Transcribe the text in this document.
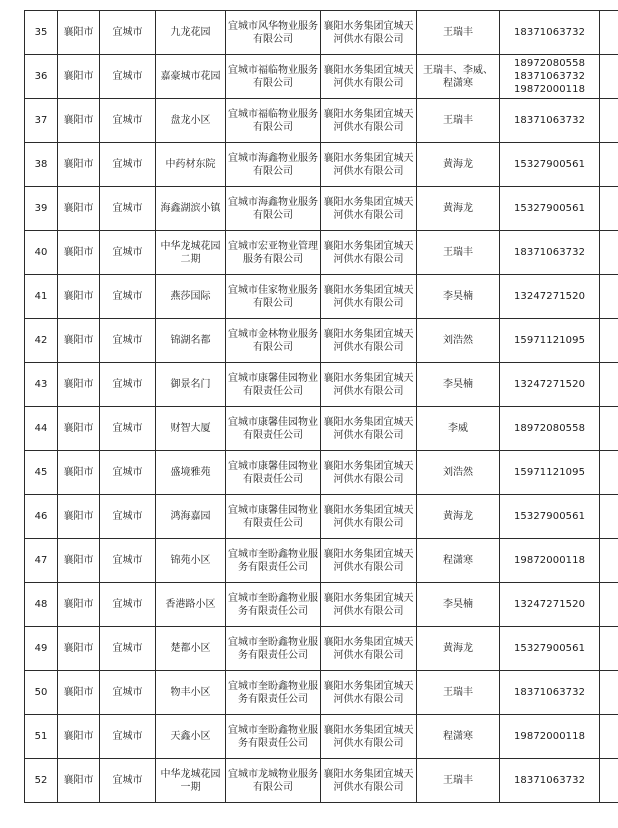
35	襄阳市	宜城市	九龙花园	宜城市风华物业服务有限公司	襄阳水务集团宜城天河供水有限公司	王瑞丰	18371063732	

36	襄阳市	宜城市	嘉豪城市花园	宜城市福临物业服务有限公司	襄阳水务集团宜城天河供水有限公司	王瑞丰、李威、程潇寒	18972080558
18371063732
19872000118	

37	襄阳市	宜城市	盘龙小区	宜城市福临物业服务有限公司	襄阳水务集团宜城天河供水有限公司	王瑞丰	18371063732	

38	襄阳市	宜城市	中药材东院	宜城市海鑫物业服务有限公司	襄阳水务集团宜城天河供水有限公司	黄海龙	15327900561	

39	襄阳市	宜城市	海鑫湖滨小镇	宜城市海鑫物业服务有限公司	襄阳水务集团宜城天河供水有限公司	黄海龙	15327900561	

40	襄阳市	宜城市	中华龙城花园二期	宜城市宏亚物业管理服务有限公司	襄阳水务集团宜城天河供水有限公司	王瑞丰	18371063732	

41	襄阳市	宜城市	燕莎国际	宜城市佳家物业服务有限公司	襄阳水务集团宜城天河供水有限公司	李昊楠	13247271520	

42	襄阳市	宜城市	锦湖名都	宜城市金林物业服务有限公司	襄阳水务集团宜城天河供水有限公司	刘浩然	15971121095	

43	襄阳市	宜城市	御景名门	宜城市康馨佳园物业有限责任公司	襄阳水务集团宜城天河供水有限公司	李昊楠	13247271520	

44	襄阳市	宜城市	财智大厦	宜城市康馨佳园物业有限责任公司	襄阳水务集团宜城天河供水有限公司	李威	18972080558	

45	襄阳市	宜城市	盛境雅苑	宜城市康馨佳园物业有限责任公司	襄阳水务集团宜城天河供水有限公司	刘浩然	15971121095	

46	襄阳市	宜城市	鸿海嘉园	宜城市康馨佳园物业有限责任公司	襄阳水务集团宜城天河供水有限公司	黄海龙	15327900561	

47	襄阳市	宜城市	锦苑小区	宜城市奎盼鑫物业服务有限责任公司	襄阳水务集团宜城天河供水有限公司	程潇寒	19872000118	

48	襄阳市	宜城市	香港路小区	宜城市奎盼鑫物业服务有限责任公司	襄阳水务集团宜城天河供水有限公司	李昊楠	13247271520	

49	襄阳市	宜城市	楚都小区	宜城市奎盼鑫物业服务有限责任公司	襄阳水务集团宜城天河供水有限公司	黄海龙	15327900561	

50	襄阳市	宜城市	物丰小区	宜城市奎盼鑫物业服务有限责任公司	襄阳水务集团宜城天河供水有限公司	王瑞丰	18371063732	

51	襄阳市	宜城市	天鑫小区	宜城市奎盼鑫物业服务有限责任公司	襄阳水务集团宜城天河供水有限公司	程潇寒	19872000118	

52	襄阳市	宜城市	中华龙城花园一期	宜城市龙城物业服务有限公司	襄阳水务集团宜城天河供水有限公司	王瑞丰	18371063732	
